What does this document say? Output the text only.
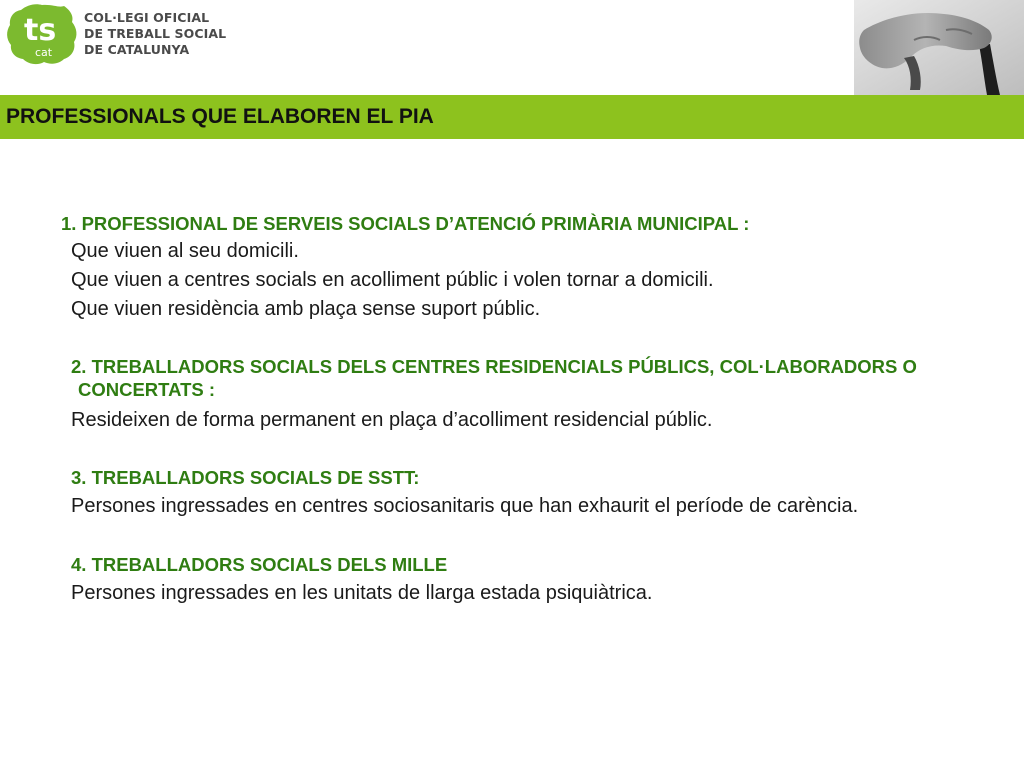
ts
cat
COL·LEGI OFICIAL
DE TREBALL SOCIAL
DE CATALUNYA
PROFESSIONALS QUE ELABOREN EL PIA
1. PROFESSIONAL DE SERVEIS SOCIALS D’ATENCIÓ PRIMÀRIA MUNICIPAL :
Que viuen al seu domicili.
Que viuen a centres socials en acolliment públic i volen tornar a domicili.
Que viuen residència amb plaça sense suport públic.
2. TREBALLADORS SOCIALS DELS CENTRES RESIDENCIALS PÚBLICS, COL·LABORADORS O
CONCERTATS :
Resideixen de forma permanent en plaça d’acolliment residencial públic.
3. TREBALLADORS SOCIALS DE SSTT:
Persones ingressades en centres sociosanitaris que han exhaurit el període de carència.
4. TREBALLADORS SOCIALS DELS MILLE
Persones ingressades en les unitats de llarga estada psiquiàtrica.
